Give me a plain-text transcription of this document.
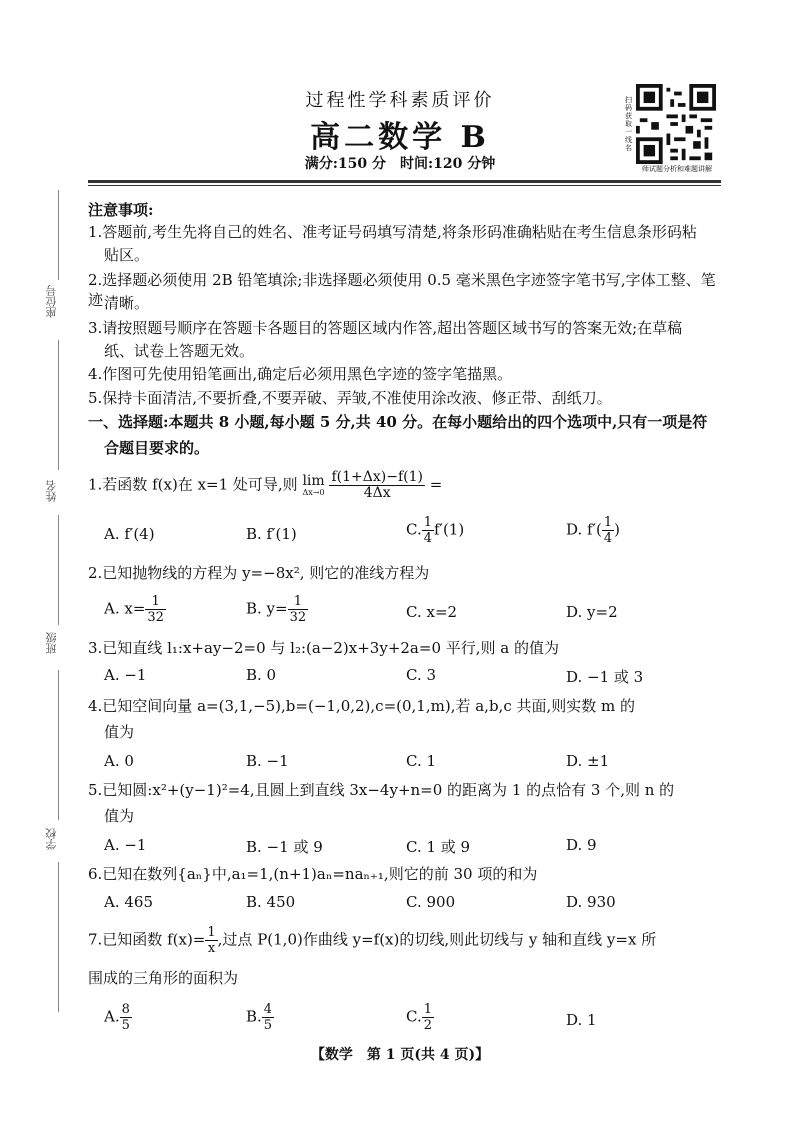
过程性学科素质评价
高二数学 B
满分:150 分　时间:120 分钟
扫码获取一线名
师试题分析和难题讲解
座位号
姓名
班级
学校
注意事项:
1.答题前,考生先将自己的姓名、准考证号码填写清楚,将条形码准确粘贴在考生信息条形码粘
贴区。
2.选择题必须使用 2B 铅笔填涂;非选择题必须使用 0.5 毫米黑色字迹签字笔书写,字体工整、笔迹 清晰。
3.请按照题号顺序在答题卡各题目的答题区域内作答,超出答题区域书写的答案无效;在草稿
纸、试卷上答题无效。
4.作图可先使用铅笔画出,确定后必须用黑色字迹的签字笔描黑。
5.保持卡面清洁,不要折叠,不要弄破、弄皱,不准使用涂改液、修正带、刮纸刀。
一、选择题:本题共 8 小题,每小题 5 分,共 40 分。在每小题给出的四个选项中,只有一项是符
合题目要求的。
1.若函数 f(x)在 x=1 处可导,则 lim
Δx→0
$\frac{f(1+\Delta x)-f(1)}{4\Delta x}$ =
A. f′(4)	B. f′(1)	C. $\frac{1}{4} f'(1)$	D. $f'( \frac{1}{4}$ )
2.已知抛物线的方程为 y=−8x², 则它的准线方程为
A. $x= \frac{1}{32}$	B. $y= \frac{1}{32}$	C. x=2	D. y=2
3.已知直线 l₁:x+ay−2=0 与 l₂:(a−2)x+3y+2a=0 平行,则 a 的值为
A. −1	B. 0	C. 3	D. −1 或 3
4.已知空间向量 a=(3,1,−5),b=(−1,0,2),c=(0,1,m),若 a,b,c 共面,则实数 m 的
值为
A. 0	B. −1	C. 1	D. ±1
5.已知圆:x²+(y−1)²=4,且圆上到直线 3x−4y+n=0 的距离为 1 的点恰有 3 个,则 n 的
值为
A. −1	B. −1 或 9	C. 1 或 9	D. 9
6.已知在数列{aₙ}中,a₁=1,(n+1)aₙ=naₙ₊₁,则它的前 30 项的和为
A. 465	B. 450	C. 900	D. 930
7.已知函数 $f(x)= \frac{1}{x}$ ,过点 P(1,0)作曲线 y=f(x)的切线,则此切线与 y 轴和直线 y=x 所
围成的三角形的面积为
A. $\frac{8}{5}$	B. $\frac{4}{5}$	C. $\frac{1}{2}$	D. 1
【数学　第 1 页(共 4 页)】
